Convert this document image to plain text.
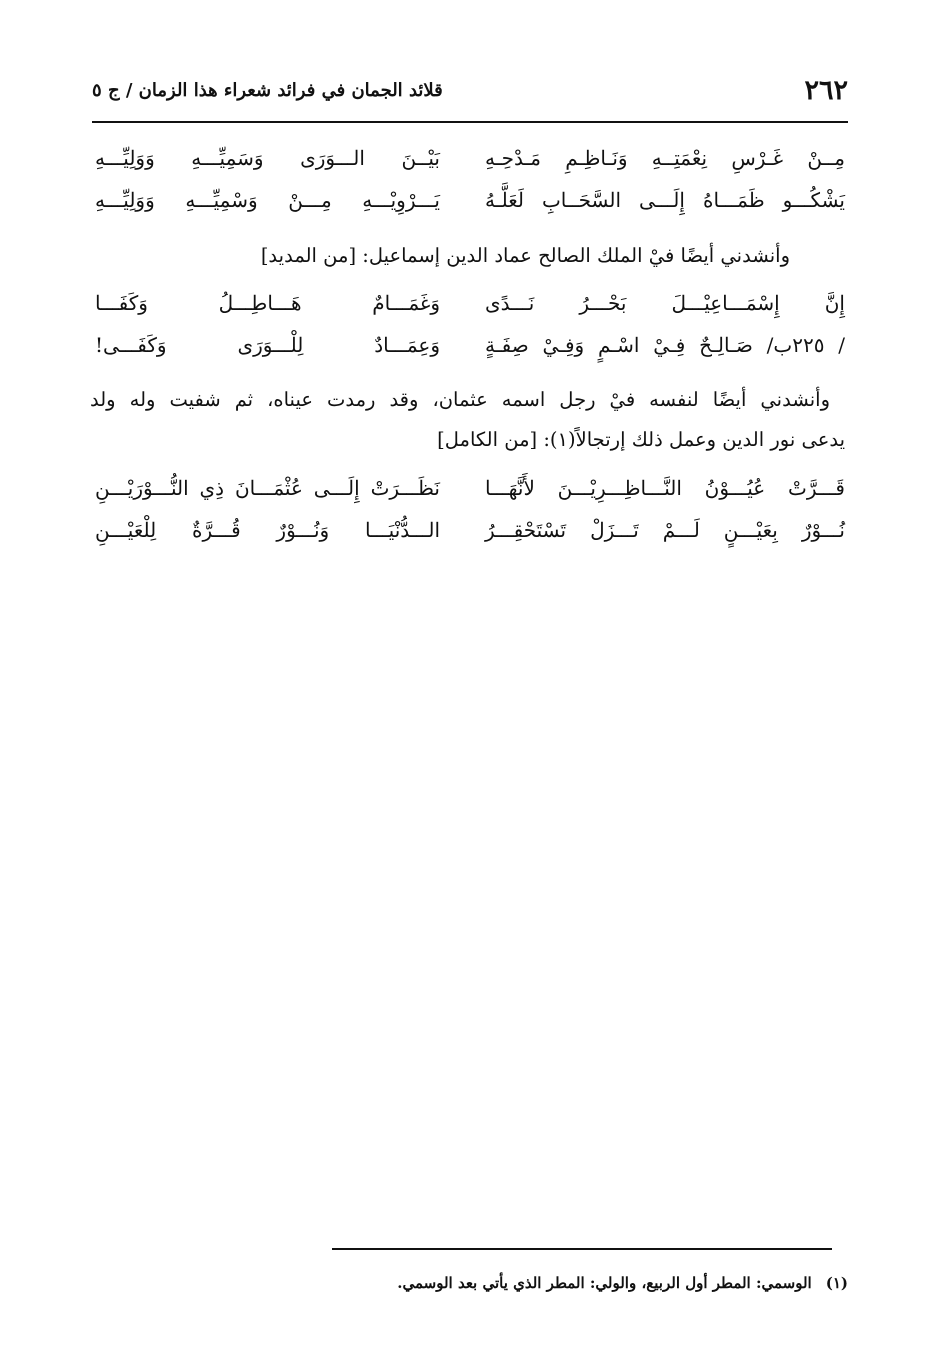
٢٦٢
قلائد الجمان في فرائد شعراء هذا الزمان / ج ٥
مِــنْ غَـرْسِ نِعْمَتِــهِ وَنَـاظِـمِ مَـدْحِـهِ
بَيْــنَ الـــوَرَى وَسَمِيِّـــهِ وَوَلِيِّـــهِ
يَشْكُـــو ظَمَـــاهُ إِلَـــى السَّحَــابِ لَعَلَّـهُ
يَـــرْوِيْـــهِ مِـــنْ وَسْمِيِّـــهِ وَوَلِيِّـــهِ
وأنشدني أيضًا فيْ الملك الصالح عماد الدين إسماعيل: [من المديد]
إِنَّ إِسْمَـــاعِيْـــلَ بَحْـــرُ نَـــدًى
وَغَمَـــامٌ هَـــاطِـــلُ وَكَفَـــا
/ ٢٢٥ب/ صَـالِـحٌ فِـيْ اسْـمٍ وَفِـيْ صِفَـةٍ
وَعِمَـــادٌ لِلْـــوَرَى وَكَفَـــى!
وأنشدني أيضًا لنفسه فيْ رجل اسمه عثمان، وقد رمدت عيناه، ثم شفيت وله ولد
يدعى نور الدين وعمل ذلك إرتجالاً(١): [من الكامل]
قَـــرَّتْ عُيُـــوْنُ النَّـــاظِـــرِيْـــنَ لأَنَّهَـــا
نَظَـــرَتْ إِلَـــى عُثْمَـــانَ ذِي النُّـــوْرَيْـــنِ
نُـــوْرٌ بِعَيْـــنٍ لَـــمْ تَـــزَلْ تَسْتَحْقِـــرُ
الـــدُّنْيَـــا وَنُـــوْرٌ قُـــرَّةٌ لِلْعَيْـــنِ
(١)
الوسمي: المطر أول الربيع، والولي: المطر الذي يأتي بعد الوسمي.
